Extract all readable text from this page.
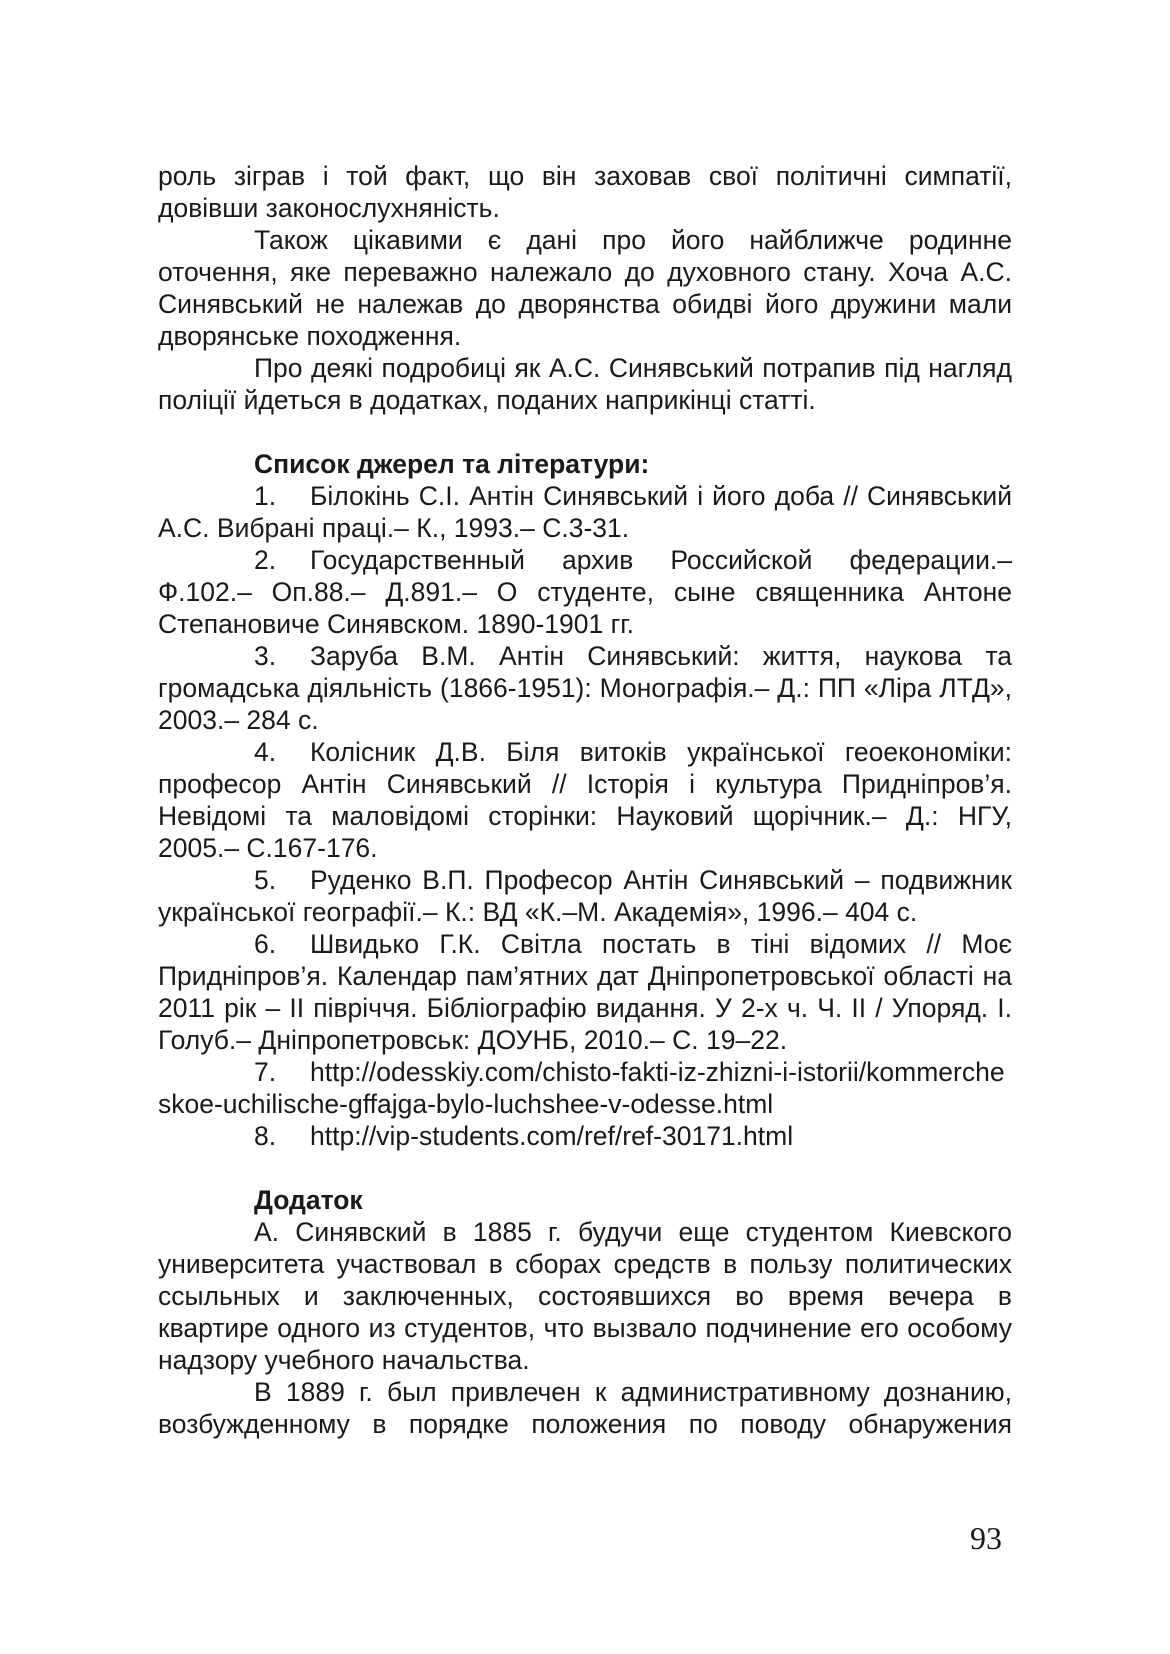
роль зіграв і той факт, що він заховав свої політичні симпатії, довівши законослухняність.

Також цікавими є дані про його найближче родинне оточення, яке переважно належало до духовного стану. Хоча А.С. Синявський не належав до дворянства обидві його дружини мали дворянське походження.

Про деякі подробиці як А.С. Синявський потрапив під нагляд поліції йдеться в додатках, поданих наприкінці статті.

Список джерел та літератури:
1. Білокінь С.І. Антін Синявський і його доба // Синявський А.С. Вибрані праці.– К., 1993.– С.3-31.
2. Государственный архив Российской федерации.– Ф.102.– Оп.88.– Д.891.– О студенте, сыне священника Антоне Степановиче Синявском. 1890-1901 гг.
3. Заруба В.М. Антін Синявський: життя, наукова та громадська діяльність (1866-1951): Монографія.– Д.: ПП «Ліра ЛТД», 2003.– 284 с.
4. Колісник Д.В. Біля витоків української геоекономіки: професор Антін Синявський // Історія і культура Придніпров’я. Невідомі та маловідомі сторінки: Науковий щорічник.– Д.: НГУ, 2005.– С.167-176.
5. Руденко В.П. Професор Антін Синявський – подвижник української географії.– К.: ВД «К.–М. Академія», 1996.– 404 с.
6. Швидько Г.К. Світла постать в тіні відомих // Моє Придніпров’я. Календар пам’ятних дат Дніпропетровської області на 2011 рік – ІІ півріччя. Бібліографію видання. У 2-х ч. Ч. ІІ / Упоряд. І. Голуб.– Дніпропетровськ: ДОУНБ, 2010.– С. 19–22.
7. http://odesskiy.com/chisto-fakti-iz-zhizni-i-istorii/kommercheskoe-uchilische-gffajga-bylo-luchshee-v-odesse.html
8. http://vip-students.com/ref/ref-30171.html
Додаток

А. Синявский в 1885 г. будучи еще студентом Киевского университета участвовал в сборах средств в пользу политических ссыльных и заключенных, состоявшихся во время вечера в квартире одного из студентов, что вызвало подчинение его особому надзору учебного начальства.

В 1889 г. был привлечен к административному дознанию, возбужденному в порядке положения по поводу обнаружения

93
